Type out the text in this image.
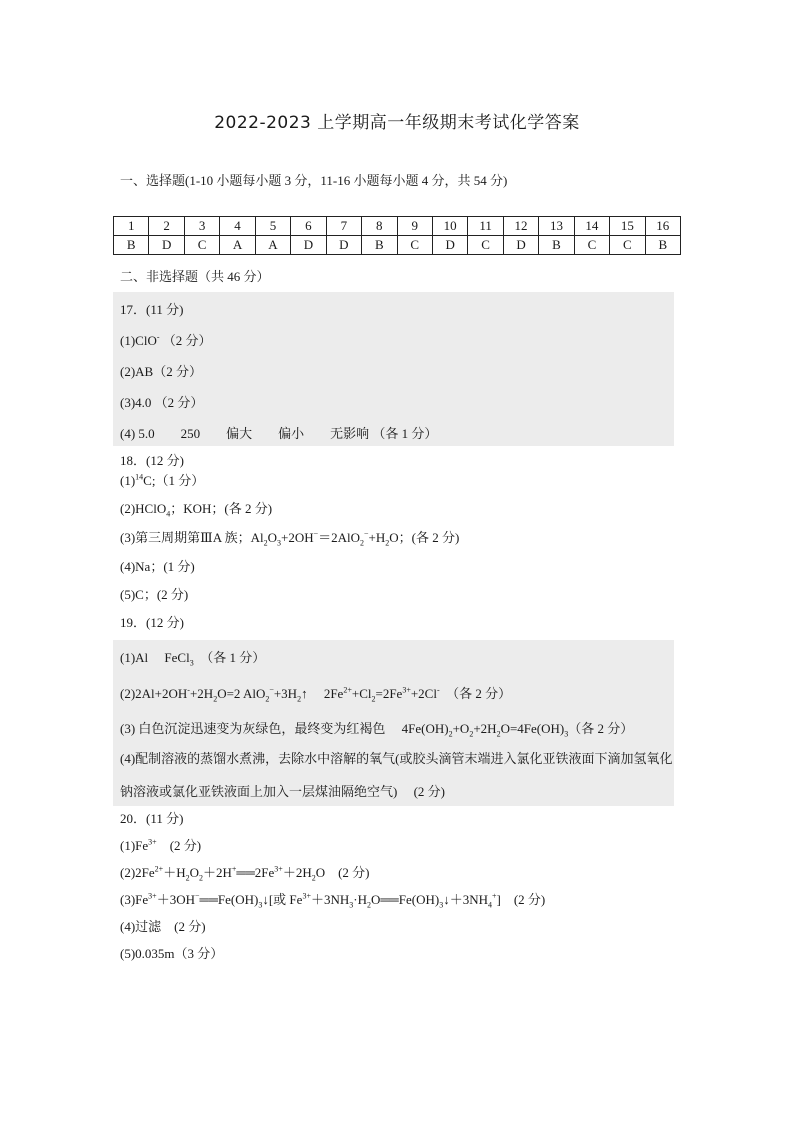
2022-2023 上学期高一年级期末考试化学答案
一、选择题(1-10 小题每小题 3 分，11-16 小题每小题 4 分，共 54 分)
1	2	3	4	5	6	7	8	9	10	11	12	13	14	15	16
B	D	C	A	A	D	D	B	C	D	C	D	B	C	C	B
二、非选择题（共 46 分）
17．(11 分)
(1)ClO- （2 分）
(2)AB（2 分）
(3)4.0 （2 分）
(4) 5.0　　250　　偏大　　偏小　　无影响 （各 1 分）
18．(12 分)
$(1)^{14}C;(1$ 分）
(2)HClO$_4$；KOH；(各 2 分)
(3)第三周期第ⅢA 族；$Al_2O_3+2OH^-=2AlO_2^-+H_2O$；(各 2 分)
(4)Na；(1 分)
(5)C；(2 分)
19．(12 分)
(1)Al　 FeCl$_3$　（各 1 分）
$(2)2Al+2OH^-+2H_2O=2$ $AlO_2^-+3H_2↑$　 $2Fe^{2+}+Cl_2=2Fe^{3+}+2Cl^-$　（各 2 分）
(3) 白色沉淀迅速变为灰绿色，最终变为红褐色　 $4Fe(OH)_2+O_2+2H_2O=4Fe(OH)_3$（各 2 分）
(4)配制溶液的蒸馏水煮沸，去除水中溶解的氧气(或胶头滴管末端进入氯化亚铁液面下滴加氢氧化钠溶液或氯化亚铁液面上加入一层煤油隔绝空气)　 (2 分)
20．(11 分)
$(1)Fe^{3+}$　(2 分)
$(2)2Fe^{2+}+H_2O_2+2H^+══2Fe^{3+}+2H_2O$　(2 分)
$(3)Fe^{3+}+3OH^-══Fe(OH)_3↓$[或 $Fe^{3+}+3NH_3\cdot H_2O══Fe(OH)_3↓+3NH_4^+$]　(2 分)
(4)过滤　(2 分)
(5)0.035m（3 分）
